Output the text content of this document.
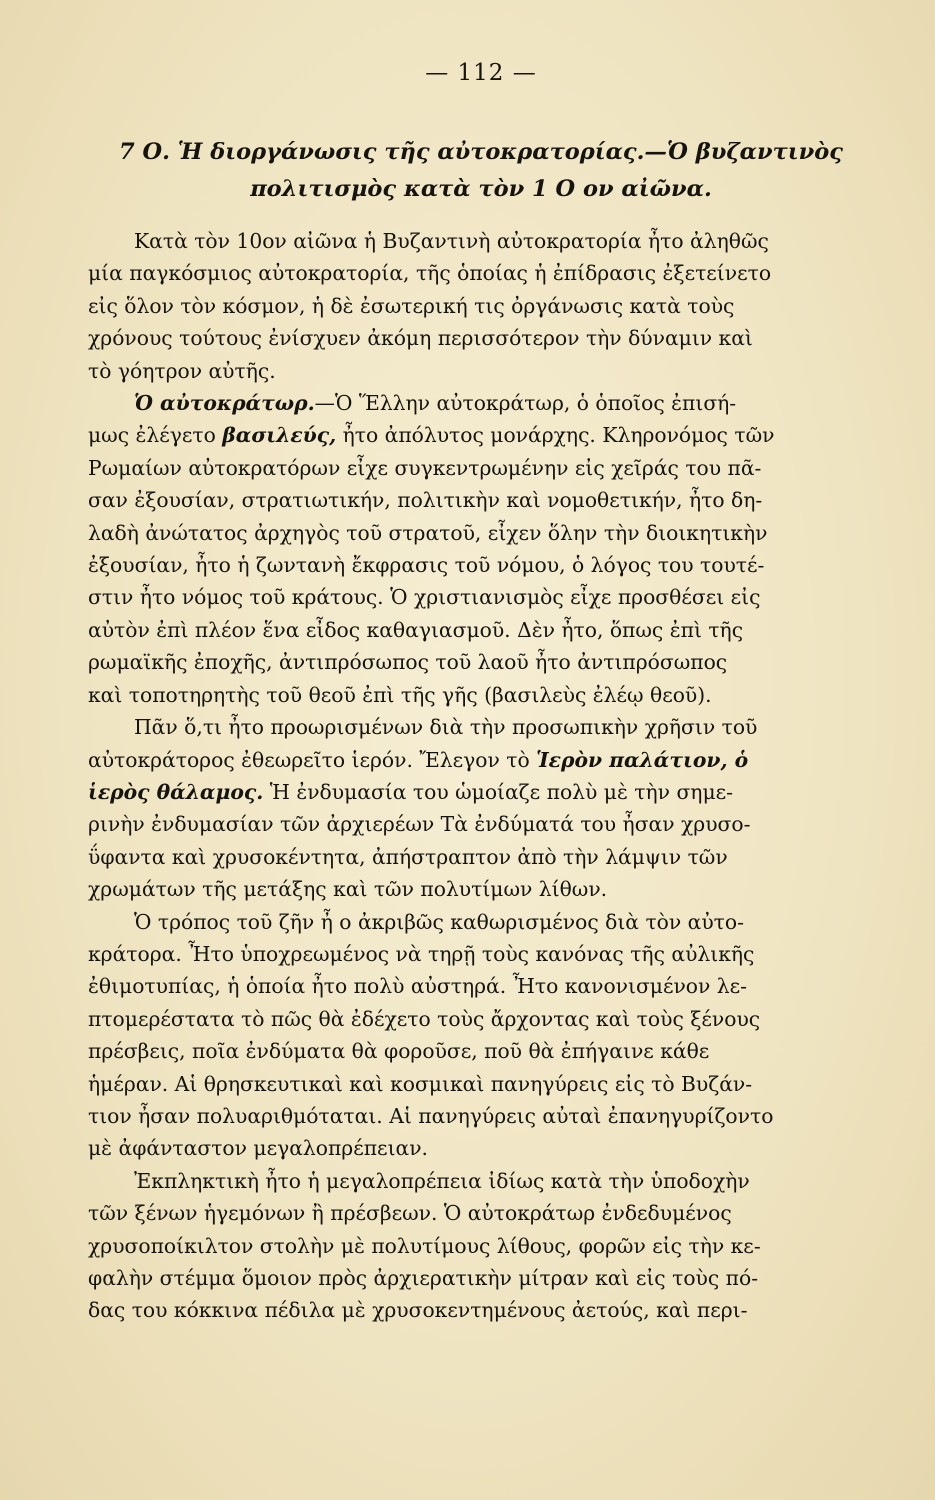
— 112 —
7 Ο. Ἡ διοργάνωσις τῆς αὐτοκρατορίας.—Ὁ βυζαντινὸς
πολιτισμὸς κατὰ τὸν 1 Ο ον αἰῶνα.

Κατὰ τὸν 10ον αἰῶνα ἡ Βυζαντινὴ αὐτοκρατορία ἦτο ἀληθῶς
μία παγκόσμιος αὐτοκρατορία, τῆς ὁποίας ἡ ἐπίδρασις ἐξετείνετο
εἰς ὅλον τὸν κόσμον, ἡ δὲ ἐσωτερική τις ὀργάνωσις κατὰ τοὺς
χρόνους τούτους ἐνίσχυεν ἀκόμη περισσότερον τὴν δύναμιν καὶ
τὸ γόητρον αὐτῆς.

Ὁ αὐτοκράτωρ.—Ὁ Ἕλλην αὐτοκράτωρ, ὁ ὁποῖος ἐπισή-
μως ἐλέγετο βασιλεύς, ἦτο ἀπόλυτος μονάρχης. Κληρονόμος τῶν
Ρωμαίων αὐτοκρατόρων εἶχε συγκεντρωμένην εἰς χεῖράς του πᾶ-
σαν ἐξουσίαν, στρατιωτικήν, πολιτικὴν καὶ νομοθετικήν, ἦτο δη-
λαδὴ ἀνώτατος ἀρχηγὸς τοῦ στρατοῦ, εἶχεν ὅλην τὴν διοικητικὴν
ἐξουσίαν, ἦτο ἡ ζωντανὴ ἔκφρασις τοῦ νόμου, ὁ λόγος του τουτέ-
στιν ἦτο νόμος τοῦ κράτους. Ὁ χριστιανισμὸς εἶχε προσθέσει εἰς
αὐτὸν ἐπὶ πλέον ἕνα εἶδος καθαγιασμοῦ. Δὲν ἦτο, ὅπως ἐπὶ τῆς
ρωμαϊκῆς ἐποχῆς, ἀντιπρόσωπος τοῦ λαοῦ ἦτο ἀντιπρόσωπος
καὶ τοποτηρητὴς τοῦ θεοῦ ἐπὶ τῆς γῆς (βασιλεὺς ἐλέῳ θεοῦ).

Πᾶν ὅ,τι ἦτο προωρισμένων διὰ τὴν προσωπικὴν χρῆσιν τοῦ
αὐτοκράτορος ἐθεωρεῖτο ἱερόν. Ἔλεγον τὸ Ἱερὸν παλάτιον, ὁ
ἱερὸς θάλαμος. Ἡ ἐνδυμασία του ὡμοίαζε πολὺ μὲ τὴν σημε-
ρινὴν ἐνδυμασίαν τῶν ἀρχιερέων Τὰ ἐνδύματά του ἦσαν χρυσο-
ΰφαντα καὶ χρυσοκέντητα, ἀπήστραπτον ἀπὸ τὴν λάμψιν τῶν
χρωμάτων τῆς μετάξης καὶ τῶν πολυτίμων λίθων.

Ὁ τρόπος τοῦ ζῆν ἦ ο ἀκριβῶς καθωρισμένος διὰ τὸν αὐτο-
κράτορα. Ἦτο ὑποχρεωμένος νὰ τηρῇ τοὺς κανόνας τῆς αὐλικῆς
ἐθιμοτυπίας, ἡ ὁποία ἦτο πολὺ αὐστηρά. Ἦτο κανονισμένον λε-
πτομερέστατα τὸ πῶς θὰ ἐδέχετο τοὺς ἄρχοντας καὶ τοὺς ξένους
πρέσβεις, ποῖα ἐνδύματα θὰ φοροῦσε, ποῦ θὰ ἐπήγαινε κάθε
ἡμέραν. Αἱ θρησκευτικαὶ καὶ κοσμικαὶ πανηγύρεις εἰς τὸ Βυζάν-
τιον ἦσαν πολυαριθμόταται. Αἱ πανηγύρεις αὐταὶ ἐπανηγυρίζοντο
μὲ ἀφάνταστον μεγαλοπρέπειαν.

Ἐκπληκτικὴ ἦτο ἡ μεγαλοπρέπεια ἰδίως κατὰ τὴν ὑποδοχὴν
τῶν ξένων ἡγεμόνων ἢ πρέσβεων. Ὁ αὐτοκράτωρ ἐνδεδυμένος
χρυσοποίκιλτον στολὴν μὲ πολυτίμους λίθους, φορῶν εἰς τὴν κε-
φαλὴν στέμμα ὅμοιον πρὸς ἀρχιερατικὴν μίτραν καὶ εἰς τοὺς πό-
δας του κόκκινα πέδιλα μὲ χρυσοκεντημένους ἀετούς, καὶ περι-
